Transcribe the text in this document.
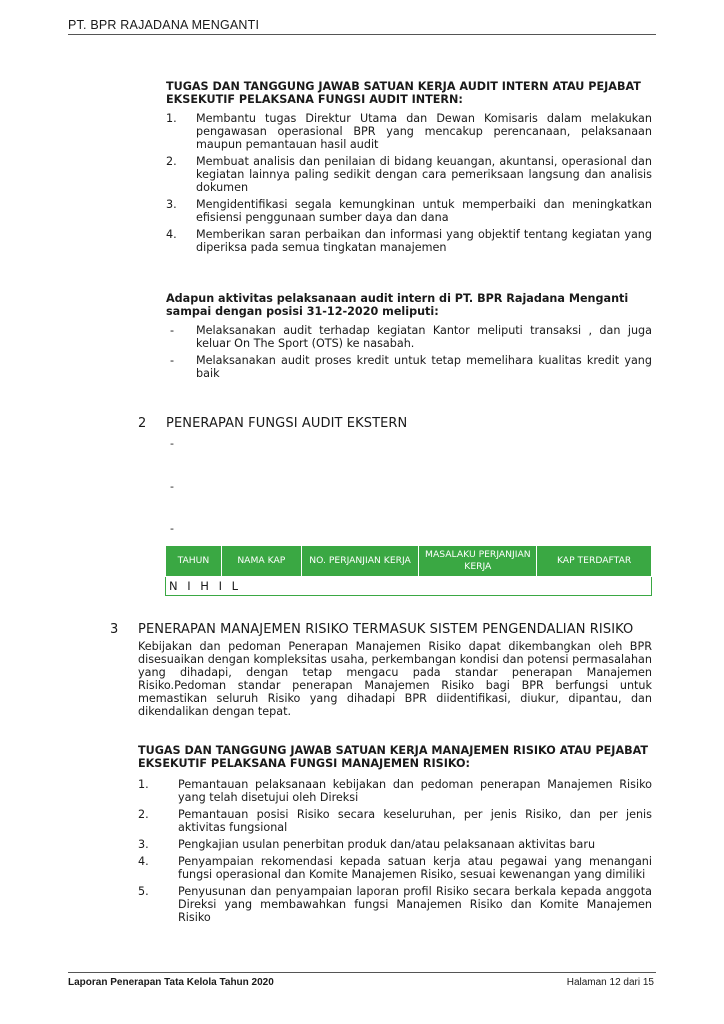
PT. BPR RAJADANA MENGANTI
TUGAS DAN TANGGUNG JAWAB SATUAN KERJA AUDIT INTERN ATAU PEJABAT EKSEKUTIF PELAKSANA FUNGSI AUDIT INTERN:
1. Membantu tugas Direktur Utama dan Dewan Komisaris dalam melakukan pengawasan operasional BPR yang mencakup perencanaan, pelaksanaan maupun pemantauan hasil audit
2. Membuat analisis dan penilaian di bidang keuangan, akuntansi, operasional dan kegiatan lainnya paling sedikit dengan cara pemeriksaan langsung dan analisis dokumen
3. Mengidentifikasi segala kemungkinan untuk memperbaiki dan meningkatkan efisiensi penggunaan sumber daya dan dana
4. Memberikan saran perbaikan dan informasi yang objektif tentang kegiatan yang diperiksa pada semua tingkatan manajemen
Adapun aktivitas pelaksanaan audit intern di PT. BPR Rajadana Menganti sampai dengan posisi 31-12-2020 meliputi:
- Melaksanakan audit terhadap kegiatan Kantor meliputi transaksi , dan juga keluar On The Sport (OTS) ke nasabah.
- Melaksanakan audit proses kredit untuk tetap memelihara kualitas kredit yang baik
2 PENERAPAN FUNGSI AUDIT EKSTERN
-
-
-
TAHUN	NAMA KAP	NO. PERJANJIAN KERJA	MASALAKU PERJANJIAN KERJA	KAP TERDAFTAR
N I H I L
3 PENERAPAN MANAJEMEN RISIKO TERMASUK SISTEM PENGENDALIAN RISIKO
Kebijakan dan pedoman Penerapan Manajemen Risiko dapat dikembangkan oleh BPR disesuaikan dengan kompleksitas usaha, perkembangan kondisi dan potensi permasalahan yang dihadapi, dengan tetap mengacu pada standar penerapan Manajemen Risiko.Pedoman standar penerapan Manajemen Risiko bagi BPR berfungsi untuk memastikan seluruh Risiko yang dihadapi BPR diidentifikasi, diukur, dipantau, dan dikendalikan dengan tepat.
TUGAS DAN TANGGUNG JAWAB SATUAN KERJA MANAJEMEN RISIKO ATAU PEJABAT EKSEKUTIF PELAKSANA FUNGSI MANAJEMEN RISIKO:
1.	Pemantauan pelaksanaan kebijakan dan pedoman penerapan Manajemen Risiko yang telah disetujui oleh Direksi
2.	Pemantauan posisi Risiko secara keseluruhan, per jenis Risiko, dan per jenis aktivitas fungsional
3.	Pengkajian usulan penerbitan produk dan/atau pelaksanaan aktivitas baru
4.	Penyampaian rekomendasi kepada satuan kerja atau pegawai yang menangani fungsi operasional dan Komite Manajemen Risiko, sesuai kewenangan yang dimiliki
5.	Penyusunan dan penyampaian laporan profil Risiko secara berkala kepada anggota Direksi yang membawahkan fungsi Manajemen Risiko dan Komite Manajemen Risiko
Laporan Penerapan Tata Kelola Tahun 2020	Halaman 12 dari 15
